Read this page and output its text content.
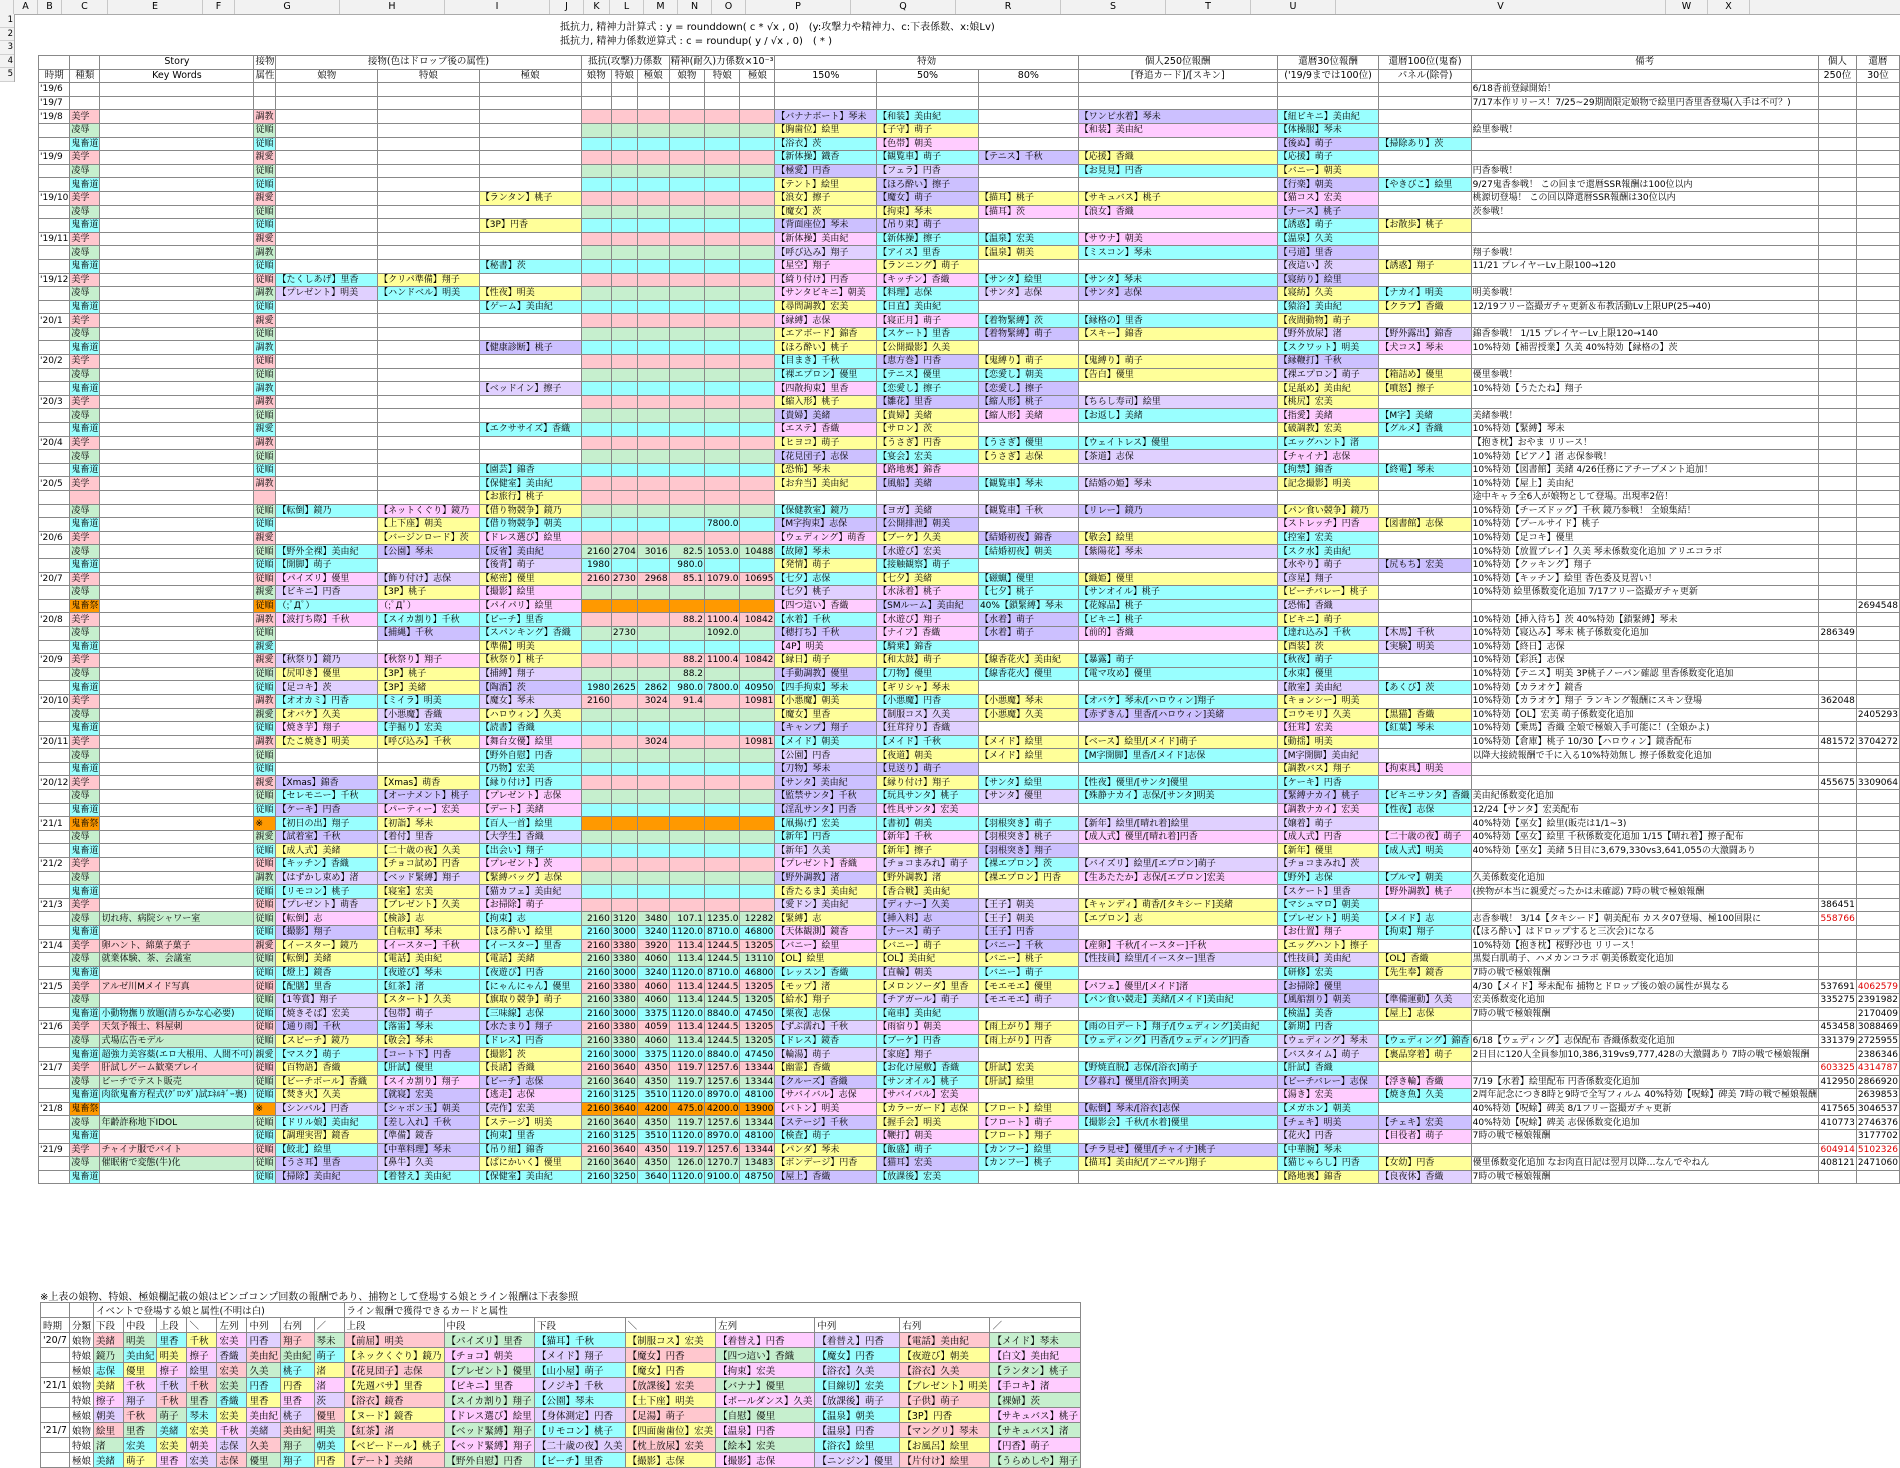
A	B	C	E	F	G	H	I	J	K	L	M	N	O	P	Q	R	S	T	U	V	W	X
1
2
3
4
5
抵抗力, 精神力計算式 : y = rounddown( c * √x , 0)　(y:攻撃力や精神力、c:下表係数、x:娘Lv)
抵抗力, 精神力係数逆算式 : c = roundup( y / √x , 0)　( * )
		Story	接物	接物(色はドロップ後の属性)			抵抗(攻撃)力係数			精神(耐久)力係数×10⁻³			特効			個人250位報酬	還暦30位報酬	還暦100位(鬼畜)	備考	個人	還暦
時期	種類	Key Words	属性	娘物	特娘	極娘	娘物	特娘	極娘	娘物	特娘	極娘	150%	50%	80%	[脊追カード]/[スキン]	('19/9までは100位)	パネル(除骨)		250位	30位
'19/6																			6/18香前登録開始！		
'19/7																			7/17本作リリース！7/25~29期間限定娘物で絵里円香里香登場(入手は不可？)		
'19/8	美学		調教										【バナナボート】琴未	【和装】美由紀		【ワンピ水着】琴未	【紐ビキニ】美由紀				
	凌辱		従順										【胸歯位】絵里	【子守】萌子		【和装】美由紀	【体操服】琴未		絵里参戦！		
	鬼畜道		従順										【浴衣】茨	【色帯】朝美			【後ぬ】萌子	【掃除あり】茨			
'19/9	美学		親愛										【新体操】鐡香	【観覧車】萌子	【テニス】千秋	【応援】香織	【応援】萌子				
	凌辱		従順										【極愛】円香	【フェラ】円香		【お見見】円香	【バニー】朝美		円香参戦！		
	鬼畜道		従順										【テント】絵里	【ほろ酔い】擦子			【行楽】朝美	【やきびこ】絵里	9/27鬼香参戦！ この回まで還暦SSR報酬は100位以内		
'19/10	美学		親愛			【ランタン】桃子							【浪女】擦子	【魔女】萌子	【描耳】桃子	【サキュバス】桃子	【猫コス】宏美		桃源切登場！ この回以降還暦SSR報酬は30位以内		
	凌辱		従順										【魔女】茨	【拘束】琴未	【描耳】茨	【浪女】香織	【ナース】桃子		茨参戦！		
	鬼畜道		従順			【3P】円香							【背面座位】琴未	【吊り束】萌子			【誘惑】萌子	【お散歩】桃子			
'19/11	美学		親愛										【新体操】美由紀	【新体操】擦子	【温泉】宏美	【サウナ】朝美	【温泉】久美				
	凌辱		調教										【呼び込み】翔子	【アイス】里香	【温泉】朝美	【ミスコン】琴未	【弓道】里香		翔子参戦！		
	鬼畜道		従順			【秘書】茨							【星空】翔子	【ランニング】萌子			【夜這い】茨	【誘惑】翔子	11/21 プレイヤーLv上限100→120		
'19/12	美学		従順	【たくしあげ】里香	【クリパ準備】翔子								【綺り付け】円香	【キッチン】香織	【サンタ】絵里	【サンタ】琴未	【寝紡り】絵里				
	凌辱		調教	【プレゼント】明美	【ハンドベル】明美	【性夜】明美							【サンタビキニ】朝美	【料理】志保	【サンタ】志保	【サンタ】志保	【寝紡】久美	【ナカイ】明美	明美参戦！		
	鬼畜道		従順			【ゲーム】美由紀							【尋問調教】宏美	【日直】美由紀			【猿浴】美由紀	【クラブ】香織	12/19フリー盗撮ガチャ更新＆布教活動Lv上限UP(25→40)		
'20/1	美学		親愛										【縁縛】志保	【寝正月】萌子	【着物緊縛】茨	【縁格の】里香	【夜間動物】萌子				
	凌辱		従順										【エアボード】錦香	【スケート】里香	【着物緊縛】萌子	【スキー】錦香	【野外放尿】渚	【野外露出】錦香	錦香参戦！ 1/15 プレイヤーLv上限120→140		
	鬼畜道		調教			【健康診断】桃子							【ほろ酔い】桃子	【公開撮影】久美			【スクワット】明美	【犬コス】琴未	10%特効【補習授業】久美 40%特効【縁格の】茨		
'20/2	美学		従順										【目まき】千秋	【恵方巻】円香	【鬼縛り】萌子	【鬼縛り】萌子	【縁鞭打】千秋				
	凌辱		従順										【裸エプロン】優里	【テニス】優里	【恋愛し】朝美	【告白】優里	【裸エプロン】萌子	【箱詰め】優里	優里参戦！		
	鬼畜道		調教			【ベッドイン】擦子							【四散拘束】里香	【恋愛し】擦子	【恋愛し】擦子		【足舐め】美由紀	【噴怒】擦子	10%特効【うたたね】翔子		
'20/3	美学		調教										【縮入形】桃子	【雛花】里香	【縮人形】桃子	【ちらし寿司】絵里	【桃尻】宏美				
	凌辱		従順										【貴婦】美緒	【貴婦】美緒	【縮人形】美緒	【お返し】美緒	【指愛】美緒	【M字】美緒	美緒参戦！		
	鬼畜道		親愛			【エクササイズ】香織							【エステ】香織	【サロン】茨			【破調教】宏美	【グルメ】香織	10%特効【緊縛】琴未		
'20/4	美学		調教										【ヒヨコ】萌子	【うさぎ】円香	【うさぎ】優里	【ウェイトレス】優里	【エッグハント】渚		【抱き枕】おやま リリース！		
	凌辱		従順										【花見団子】志保	【宴会】宏美	【うさぎ】志保	【茶道】志保	【チャイナ】志保		10%特効【ピアノ】渚 志保参戦！		
	鬼畜道		従順			【園芸】錦香							【恐怖】琴未	【路地裏】錦香			【拘禁】錦香	【終電】琴未	10%特効【図書館】美緒 4/26任務にアチーブメント追加！		
'20/5	美学		調教			【保健室】美由紀							【お弁当】美由紀	【風船】美緒	【観覧車】琴未	【結婚の姫】琴未	【記念撮影】明美		10%特効【屋上】美由紀		
						【お旅行】桃子													途中キャラ全6人が娘物として登場。出現率2倍！		
	凌辱		従順	【転倒】鏡乃	【ネットくぐり】鏡乃	【借り物競争】鏡乃							【保健教室】鏡乃	【ヨガ】美緒	【観覧車】千秋	【リレー】鏡乃	【パン食い競争】鏡乃		10%特効【チーズドッグ】千秋 鏡乃参戦！ 全娘集結！		
	鬼畜道		従順		【上下座】朝美	【借り物競争】朝美					7800.0		【M字拘束】志保	【公開排泄】朝美			【ストレッチ】円香	【図書館】志保	10%特効【プールサイド】桃子		
'20/6	美学		親愛		【バージンロード】茨	【ドレス選び】絵里							【ウェディング】萌香	【ブーケ】久美	【結婚初夜】錦香	【敬会】絵里	【控室】宏美		10%特効【足コキ】優里		
	凌辱		従順	【野外全裸】美由紀	【公園】琴未	【反省】美由紀	2160	2704	3016	82.5	1053.0	10488	【故障】琴未	【水遊び】宏美	【結婚初夜】朝美	【紫陽花】琴未	【スク水】美由紀		10%特効【放置プレイ】久美 琴未係数変化追加 アリエコラボ		
	鬼畜道		従順	【開脚】萌子		【後背】萌子	1980			980.0			【発情】萌子	【接触観察】萌子			【水やり】萌子	【尻もち】宏美	10%特効【クッキング】翔子		
'20/7	美学		従順	【パイズリ】優里	【飾り付け】志保	【秘密】優里	2160	2730	2968	85.1	1079.0	10695	【七夕】志保	【七夕】美緒	【磁蝋】優里	【織姫】優里	【彦星】翔子		10%特効【キッチン】絵里 香色委及見習い！		
	凌辱		親愛	【ビキニ】円香	【3P】桃子	【撮影】絵里							【七夕】桃子	【水泳着】桃子	【七夕】桃子	【サンオイル】桃子	【ビーチバレー】桃子		10%特効 絵里係数変化追加 7/17フリー盗撮ガチャ更新		
	鬼畜祭		従順	（;ﾟДﾟ）	（;ﾟДﾟ）	【パイパリ】絵里							【四つ這い】香織	【SMルーム】美由紀	40%【鎖緊縛】琴未	【花嫁品】桃子	【恐怖】香織				2694548
'20/8	美学		調教	【波打ち際】千秋	【スイカ割り】千秋	【ビーチ】里香				88.2	1100.4	10842	【水着】千秋	【水遊び】翔子	【水着】萌子	【ビキニ】桃子	【ビキニ】萌子		10%特効【挿入待ち】茨 40%特効【鎖緊縛】琴未		
	凌辱		従順		【捕縄】千秋	【スパンキング】香織		2730			1092.0		【穂打ち】千秋	【ナイフ】香織	【水着】萌子	【前的】香織	【達れ込み】千秋	【木馬】千秋	10%特効【寝込み】琴未 桃子係数変化追加	286349	
	鬼畜道		親愛			【準備】明美							【4P】明美	【騎乗】錦香			【酉装】茨	【実験】明美	10%特効【終日】志保		
'20/9	美学		親愛	【秋祭り】鏡乃	【秋祭り】翔子	【秋祭り】桃子				88.2	1100.4	10842	【縁日】萌子	【和太鼓】萌子	【線香花火】美由紀	【暴露】萌子	【秋夜】萌子		10%特効【彩浜】志保		
	凌辱		従順	【尻叩き】優里	【3P】桃子	【捕縛】翔子				88.2			【手動調教】優里	【刀物】優里	【線香花火】優里	【電マ攻め】優里	【水束】優里		10%特効【テニス】明美 3P桃子ノーパン確認 里香係数変化追加		
	鬼畜道		従順	【足コキ】茨	【3P】美緒	【陶酒】茨	1980	2625	2862	980.0	7800.0	40950	【四手拘束】琴未	【ギリシャ】琴未			【散室】美由紀	【あくび】茨	10%特効【カラオケ】鏡香		
'20/10	美学		調教	【オオカミ】円香	【ミイラ】明美	【魔女】琴未	2160		3024	91.4		10981	【小悪魔】朝美	【小悪魔】円香	【小悪魔】琴未	【オバケ】琴未/[ハロウィン]翔子	【キョンシー】明美		10%特効【カラオケ】翔子 ランキング報酬にスキン登場	362048	
	凌辱		親愛	【オバケ】久美	【小悪魔】香織	【ハロウィン】久美							【魔女】里香	【制服コス】久美	【小悪魔】久美	【赤ずきん】里香/[ハロウィン]美緒	【コウモリ】久美	【黒猫】香織	10%特効【OL】宏美 萌子係数変化追加		2405293
	鬼畜道		従順	【焼き芋】翔子	【芋掘り】宏美	【読書】香織							【キャンプ】翔子	【狂茸狩り】香織			【狂茸】宏美	【紅葉】琴未	10%特効【乗馬】香織 全娘で極娘入手可能に！(全娘かよ)		
'20/11	美学		調教	【たこ焼き】明美	【呼び込み】千秋	【舞台女優】絵里			3024			10981	【メイド】朝美	【メイド】千秋	【メイド】絵里	【ベース】絵里/[メイド]萌子	【動揺】明美		10%特効【倉庫】桃子 10/30【ハロウィン】鏡香配布	481572	3704272
	凌辱		従順			【野外自慰】円香							【公園】円香	【夜道】朝美	【メイド】絵里	【M字開脚】里香/[メイド]志保	【M字開脚】美由紀		以降大接続報酬で千に入る10%特効無し 擦子係数変化追加		
	鬼畜道		従順			【乃物】宏美							【刀物】琴未	【見送り】萌子			【調教バス】翔子	【拘束具】明美			
'20/12	美学		親愛	【Xmas】錦香	【Xmas】萌香	【縁り付け】円香							【サンタ】美由紀	【縁り付け】翔子	【サンタ】絵里	【性夜】優里/[サンタ]優里	【ケーキ】円香			455675	3309064
	凌辱		従順	【セレモニー】千秋	【オーナメント】桃子	【プレゼント】志保							【監禁サンタ】千秋	【玩具サンタ】桃子	【サンタ】優里	【殊静ナカイ】志保/[サンタ]明美	【緊縛ナカイ】桃子	【ビキニサンタ】香織	美由紀係数変化追加		
	鬼畜道		従順	【ケーキ】円香	【パーティー】宏美	【デート】美緒							【淫乱サンタ】円香	【性具サンタ】宏美			【調教ナカイ】宏美	【性夜】志保	12/24【サンタ】宏美配布		
'21/1	鬼畜祭		※	【初日の出】翔子	【初詣】琴未	【百人一首】絵里							【凧揚げ】宏美	【書初】朝美	【羽根突き】萌子	【新年】絵里/[晴れ着]絵里	【嬢着】萌子		40%特効【巫女】絵里(販売は1/1~3)		
	凌辱		親愛	【試着室】千秋	【着付】里香	【大学生】香織							【新年】円香	【新年】千秋	【羽根突き】桃子	【成人式】優里/[晴れ着]円香	【成人式】円香	【二十歳の夜】萌子	40%特効【巫女】絵里 千秋係数変化追加 1/15【晴れ着】擦子配布		
	鬼畜道		従順	【成人式】美緒	【二十歳の夜】久美	【出会い】翔子							【新年】久美	【新年】擦子	【羽根突き】翔子		【新年】優里	【成人式】明美	40%特効【巫女】美緒 5日目に3,679,330vs3,641,055の大激闘あり		
'21/2	美学		従順	【キッチン】香織	【チョコ試め】円香	【プレゼント】茨							【プレゼント】香織	【チョコまみれ】萌子	【裸エプロン】茨	【バイズリ】絵里/[エプロン]萌子	【チョコまみれ】茨				
	凌辱		調教	【はずかし束め】渚	【ベッド緊縛】翔子	【緊縛バッグ】志保							【野外調教】渚	【野外調教】渚	【裸エプロン】円香	【生あたたか】志保/[エプロン]宏美	【野外】志保	【ブルマ】朝美	久美係数変化追加		
	鬼畜道		従順	【リモコン】桃子	【寝室】宏美	【猫カフェ】美由紀							【香たるま】美由紀	【香合戦】美由紀			【スケート】里香	【野外調教】桃子	(挨物が本当に親愛だったかは未確認) 7時の戦で極娘報酬		
'21/3	美学		従順	【プレゼント】萌香	【ブレゼント】久美	【お掃除】萌子							【愛ドン】美由紀	【ディナー】久美	【王子】朝美	【キャンディ】萌香/[タキシード]美緒	【マシュマロ】朝美			386451	
	凌辱	切れ痔、病院シャワー室	従順	【転倒】志	【検診】志	【拘束】志	2160	3120	3480	107.1	1235.0	12282	【緊縛】志	【挿入料】志	【王子】朝美	【エプロン】志	【プレゼント】明美	【メイド】志	志香参戦！ 3/14【タキシード】朝美配布 カスタ07登場、極100回限に	558766	
	鬼畜道		従順	【撮影】翔子	【自転車】琴未	【ほろ酔い】絵里	2160	3000	3240	1120.0	8710.0	46800	【天体観測】鏡香	【ナース】萌子	【王子】円香		【お仕置】翔子	【拘束】翔子	(【ほろ酔い】はドロップすると三次会)になる		
'21/4	美学	卵ハント、綿菓子菓子	親愛	【イースター】鏡乃	【イースター】千秋	【イースター】里香	2160	3380	3920	113.4	1244.5	13205	【バニー】絵里	【バニー】萌子	【バニー】千秋	【産卵】千秋/[イースター]千秋	【エッグハント】擦子		10%特効【抱き枕】桜野沙也 リリース！		
	凌辱	就業体験、茶、会議室	従順	【転倒】美緒	【電話】美由紀	【電話】美緒	2160	3380	4060	113.4	1244.5	13110	【OL】絵里	【OL】美由紀	【バニー】桃子	【性技員】絵里/[イースター]里香	【性技員】美由紀	【OL】香織	黒髪白肌萌子、ハメカンコラボ 朝美係数変化追加		
	鬼畜道		従順	【燈上】鏡香	【夜遊び】琴未	【夜遊び】円香	2160	3000	3240	1120.0	8710.0	46800	【レッスン】香織	【直輪】朝美	【バニー】萌子		【研修】宏美	【先生奉】鏡香	7時の戦で極娘報酬		
'21/5	美学	アルゼ川Mメイド写真	従順	【配膳】里香	【紅茶】渚	【にゃんにゃん】優里	2160	3380	4060	113.4	1244.5	13205	【モップ】渚	【メロンソーダ】里香	【モエモエ】優里	【パフェ】優里/[メイド]渚	【お掃除】優里		4/30【メイド】琴未配布 捕物とドロップ後の娘の属性が異なる	537691	4062579
	凌辱		従順	【1等賞】翔子	【スタート】久美	【旗取り競争】萌子	2160	3380	4060	113.4	1244.5	13205	【給水】翔子	【チアガール】萌子	【モエモエ】萌子	【パン食い競走】美緒/[メイド]美由紀	【風船割り】朝美	【準備運動】久美	宏美係数変化追加	335275	2391982
	鬼畜道	小動物撫り放題(清らかな心必要)	従順	【焼きそば】宏美	【包帯】萌子	【三味線】志保	2160	3000	3375	1120.0	8840.0	47450	【栗夜】志保	【竜車】美由紀			【検温】美香	【屋上】志保	7時の戦で極娘報酬		2170409
'21/6	美学	天気予報士、料屋刺	従順	【通り雨】千秋	【落雷】琴未	【水たまり】翔子	2160	3380	4059	113.4	1244.5	13205	【ずぶ濡れ】千秋	【雨宿り】朝美	【雨上がり】翔子	【雨の日デート】翔子/[ウェディング]美由紀	【新期】円香			453458	3088469
	凌辱	式場広告モデル	従順	【スピーチ】鏡乃	【敬会】琴未	【ドレス】円香	2160	3380	4060	113.4	1244.5	13205	【ドレス】鏡香	【ブーケ】円香	【雨上がり】円香	【ウェディング】円香/[ウェディング]円香	【ウェディング】琴未	【ウェディング】錦香	6/18【ウェディング】志保配布 香織係数変化追加	331379	2725955
	鬼畜道	超強力美容薬(エロ大根用、人間不可)	親愛	【マスク】萌子	【コート下】円香	【撮影】茨	2160	3000	3375	1120.0	8840.0	47450	【輪湯】萌子	【家庭】翔子			【バスタイム】萌子	【裏品穿着】萌子	2日目に120人全員参加10,386,319vs9,777,428の大激闘あり 7時の戦で極娘報酬		2386346
'21/7	美学	肝試しゲーム歓楽プレイ	従順	【百物語】香織	【肝試】優里	【長諸】香織	2160	3640	4350	119.7	1257.6	13344	【幽霊】香織	【お化け屋敷】香織	【肝試】宏美	【野焼直脱】志保/[浴衣]萌子	【肝試】香織			603325	4314787
	凌辱	ビーチでテスト販売	従順	【ビーチボール】香織	【スイカ割り】翔子	【ビーチ】志保	2160	3640	4350	119.7	1257.6	13344	【クルーズ】香織	【サンオイル】桃子	【肝試】絵里	【夕暮れ】優里/[浴衣]明美	【ビーチバレー】志保	【浮き輪】香織	7/19【水着】絵里配布 円香係数変化追加	412950	2866920
	鬼畜道	肉欲鬼畜方程式(ｸﾞﾛﾝﾀﾞ)試ｴﾈﾙｷﾞｰ裏)	従順	【焚き火】久美	【就寝】宏美	【逃走】志保	2160	3125	3510	1120.0	8970.0	48100	【サバイバル】志保	【サバイバル】宏美			【湯き】宏美	【焼き魚】久美	2周年記念につき8時と9時で全写フィルム 40%特効【呪蜍】碑美 7時の戦で極娘報酬		2639853
'21/8	鬼畜祭		※	【シンバル】円香	【シャボン玉】朝美	【売作】宏美	2160	3640	4200	475.0	4200.0	13900	【バトン】明美	【カラーガード】志保	【フロート】絵里	【転倒】琴未/[浴衣]志保	【メガホン】朝美		40%特効【呪蜍】碑美 8/1フリー盗撮ガチャ更新	417565	3046537
	凌辱	年齢詐称地下IDOL	従順	【ドリル娘】美由紀	【差し入れ】千秋	【ステージ】明美	2160	3640	4350	119.7	1257.6	13344	【ステージ】千秋	【握手会】明美	【フロート】萌子	【撮影会】千秋/[水着]優里	【チェキ】明美	【チェキ】宏美	40%特効【呪蜍】碑美 志保係数変化追加	410773	2746376
	鬼畜道		従順	【調理実習】鏡香	【準備】鏡香	【拘束】里香	2160	3125	3510	1120.0	8970.0	48100	【検査】萌子	【鞭打】朝美	【フロート】翔子		【花火】円香	【目役者】萌子	7時の戦で極娘報酬		3177702
'21/9	美学	チャイナ服でバイト	従順	【餃北】絵里	【中華料理】琴未	【吊り紐】錦香	2160	3640	4350	119.7	1257.6	13344	【パンダ】琴未	【飯盛】萌子	【カンフー】絵里	【チラ見せ】優里/[チャイナ]桃子	【中華腕】琴未			604914	5102326
	凌辱	催眠術で変態(牛)化	従順	【うさ耳】里香	【鼻牛】久美	【ぱにかいく】優里	2160	3640	4350	126.0	1270.7	13483	【ボンデージ】円香	【猫耳】宏美	【カンフー】桃子	【描耳】美由紀/[アニマル]翔子	【猫じゃらし】円香	【女幼】円香	優里係数変化追加 なお肉直日記は翌月以降…なんでやねん	408121	2471060
	鬼畜道		従順	【掃除】美由紀	【着替え】美由紀	【保健室】美由紀	2160	3250	3640	1120.0	9100.0	48750	【屋上】香織	【放課後】宏美			【路地裏】錦香	【良夜休】香織	7時の戦で極娘報酬		
※上表の娘物、特娘、極娘欄記載の娘はピンゴコンプ回数の報酬であり、捕物として登場する娘とライン報酬は下表参照
		イベントで登場する娘と属性(不明は白)								ライン報酬で獲得できるカードと属性							
時期	分類	下段	中段	上段	＼	左列	中列	右列	／	上段	中段	下段	＼	左列	中列	右列	／
'20/7	娘物	美緒	明美	里香	千秋	宏美	円香	翔子	琴未	【前屈】明美	【パイズリ】里香	【猫耳】千秋	【制服コス】宏美	【着替え】円香	【着替え】円香	【電話】美由紀	【メイド】琴未
	特娘	鏡乃	美由紀	明美	擦子	香織	美由紀	美由紀	萌子	【ネックくぐり】鏡乃	【チョコ】朝美	【メイド】翔子	【魔女】円香	【四つ這い】香織	【魔女】円香	【夜遊び】朝美	【白文】美由紀
	極娘	志保	優里	擦子	絵里	宏美	久美	桃子	渚	【花見団子】志保	【ブレゼント】優里	【山小屋】萌子	【魔女】円香	【拘束】宏美	【浴衣】久美	【浴衣】久美	【ランタン】桃子
'21/1	娘物	美緒	千秋	千秋	千秋	宏美	円香	円香	渚	【先週パサ】里香	【ビキニ】里香	【ノジキ】千秋	【放課後】宏美	【バナナ】優里	【目線切】宏美	【ブレゼント】明美	【手コキ】渚
	特娘	擦子	翔子	千秋	里香	香織	里香	里香	茨	【浴衣】鏡香	【スイカ割り】翔子	【公園】琴未	【土下座】明美	【ポールダンス】久美	【放課後】萌子	【子供】萌子	【裸婦】茨
	極娘	朝美	千秋	萌子	琴未	宏美	美由紀	桃子	優里	【ヌード】鏡香	【ドレス選び】絵里	【身体測定】円香	【足湯】萌子	【自慰】優里	【温泉】朝美	【3P】円香	【サキュバス】桃子
'21/7	娘物	絵里	里香	美緒	宏美	千秋	美緒	美由紀	明美	【紅茶】渚	【ベッド緊縛】翔子	【リモコン】桃子	【四面歯歯位】宏美	【温泉】円香	【温泉】円香	【マングリ】琴未	【サキュバス】渚
	特娘	渚	宏美	宏美	朝美	志保	久美	翔子	朝美	【ベビードール】桃子	【ベッド緊縛】翔子	【二十歳の夜】久美	【枕上放尿】宏美	【絵本】宏美	【浴衣】絵里	【お風呂】絵里	【円香】萌子
	極娘	美緒	萌子	里香	宏美	志保	優里	翔子	円香	【デート】美緒	【野外自慰】円香	【ビーチ】里香	【撮影】志保	【撮影】志保	【ニンジン】優里	【片付け】絵里	【うらめしや】翔子
